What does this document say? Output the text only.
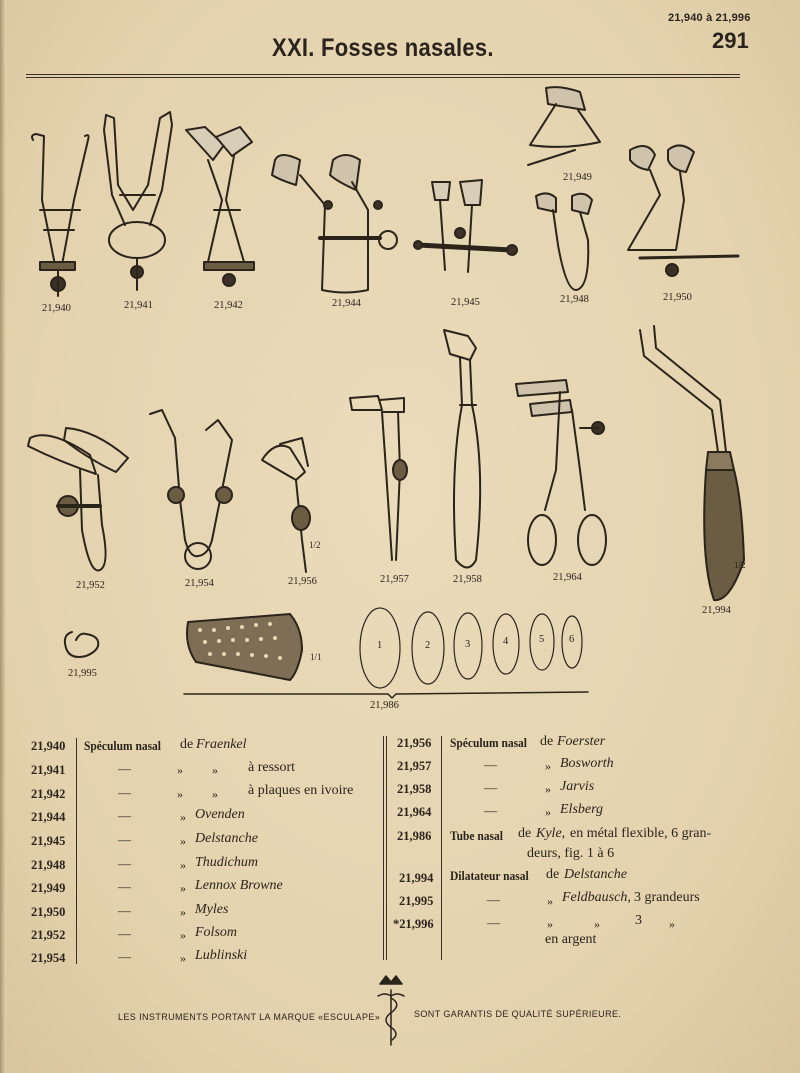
21,940 à 21,996
291
XXI. Fosses nasales.
21,940	21,941	21,942	21,944	21,945	21,948
21,949
21,950
21,952	21,954	21,956	21,957	21,958	21,964
21,994
21,995
21,986
1/2
1/2
1/1
1	2	3	4	5 6
21,940 Spéculum nasal de Fraenkel
21,941	—	» » à ressort
21,942	—	» » à plaques en ivoire
21,944	—	» Ovenden
21,945	—	» Delstanche
21,948	—	» Thudichum
21,949	—	» Lennox Browne
21,950	—	» Myles
21,952	—	» Folsom
21,954	—	» Lublinski
21,956 Spéculum nasal de Foerster
21,957	—	» Bosworth
21,958	—	» Jarvis
21,964	—	» Elsberg
21,986 Tube nasal de Kyle, en métal flexible, 6 gran-
deurs, fig. 1 à 6
21,994 Dilatateur nasal de Delstanche
21,995	—	» Feldbausch, 3 grandeurs
*21,996	—	»	»	3 »
en argent
LES INSTRUMENTS PORTANT LA MARQUE «ESCULAPE»	SONT GARANTIS DE QUALITÉ SUPÉRIEURE.
